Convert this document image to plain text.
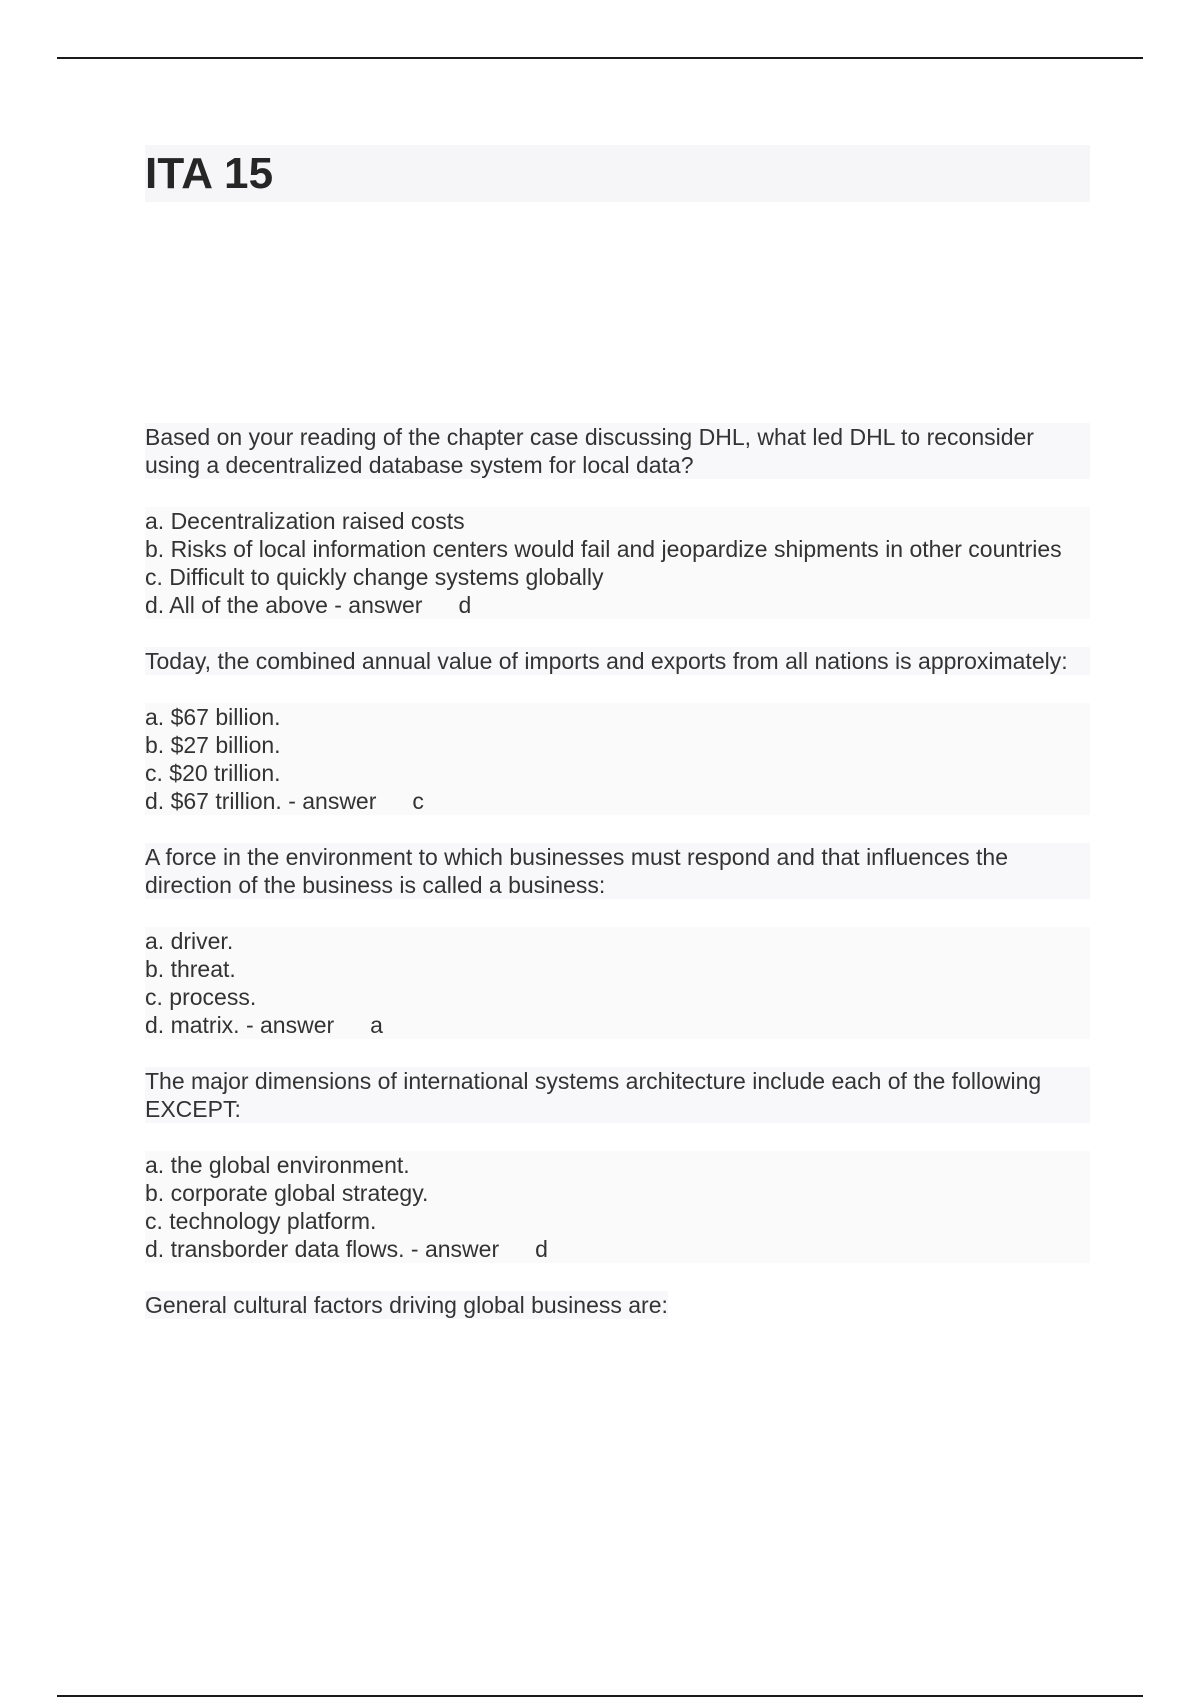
ITA 15
Based on your reading of the chapter case discussing DHL, what led DHL to reconsider using a decentralized database system for local data?
a. Decentralization raised costs
b. Risks of local information centers would fail and jeopardize shipments in other countries
c. Difficult to quickly change systems globally
d. All of the above - answer d
Today, the combined annual value of imports and exports from all nations is approximately:
a. $67 billion.
b. $27 billion.
c. $20 trillion.
d. $67 trillion. - answer c
A force in the environment to which businesses must respond and that influences the direction of the business is called a business:
a. driver.
b. threat.
c. process.
d. matrix. - answer a
The major dimensions of international systems architecture include each of the following EXCEPT:
a. the global environment.
b. corporate global strategy.
c. technology platform.
d. transborder data flows. - answer d
General cultural factors driving global business are:
